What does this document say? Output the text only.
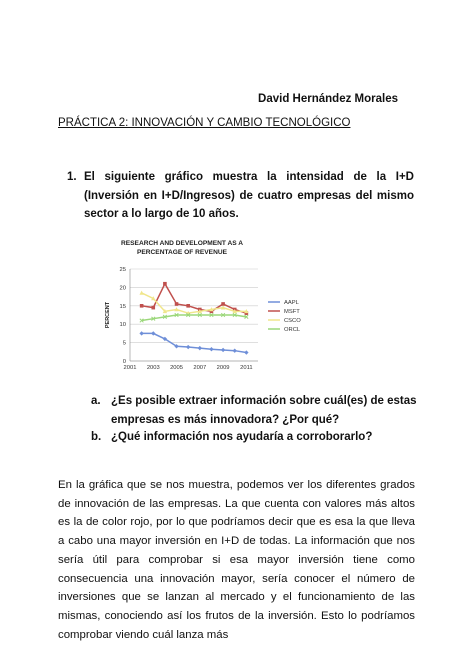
David Hernández Morales
PRÁCTICA 2: INNOVACIÓN Y CAMBIO TECNOLÓGICO
1. El siguiente gráfico muestra la intensidad de la I+D (Inversión en I+D/Ingresos) de cuatro empresas del mismo sector a lo largo de 10 años.
RESEARCH AND DEVELOPMENT AS A
PERCENTAGE OF REVENUE
PERCENT
0
5
10
15
20
25
2001 2003 2005 2007 2009 2011
AAPL
MSFT
CSCO
ORCL
a. ¿Es posible extraer información sobre cuál(es) de estas empresas es más innovadora? ¿Por qué?
b. ¿Qué información nos ayudaría a corroborarlo?

En la gráfica que se nos muestra, podemos ver los diferentes grados de innovación de las empresas. La que cuenta con valores más altos es la de color rojo, por lo que podríamos decir que es esa la que lleva a cabo una mayor inversión en I+D de todas. La información que nos sería útil para comprobar si esa mayor inversión tiene como consecuencia una innovación mayor, sería conocer el número de inversiones que se lanzan al mercado y el funcionamiento de las mismas, conociendo así los frutos de la inversión. Esto lo podríamos comprobar viendo cuál lanza más
